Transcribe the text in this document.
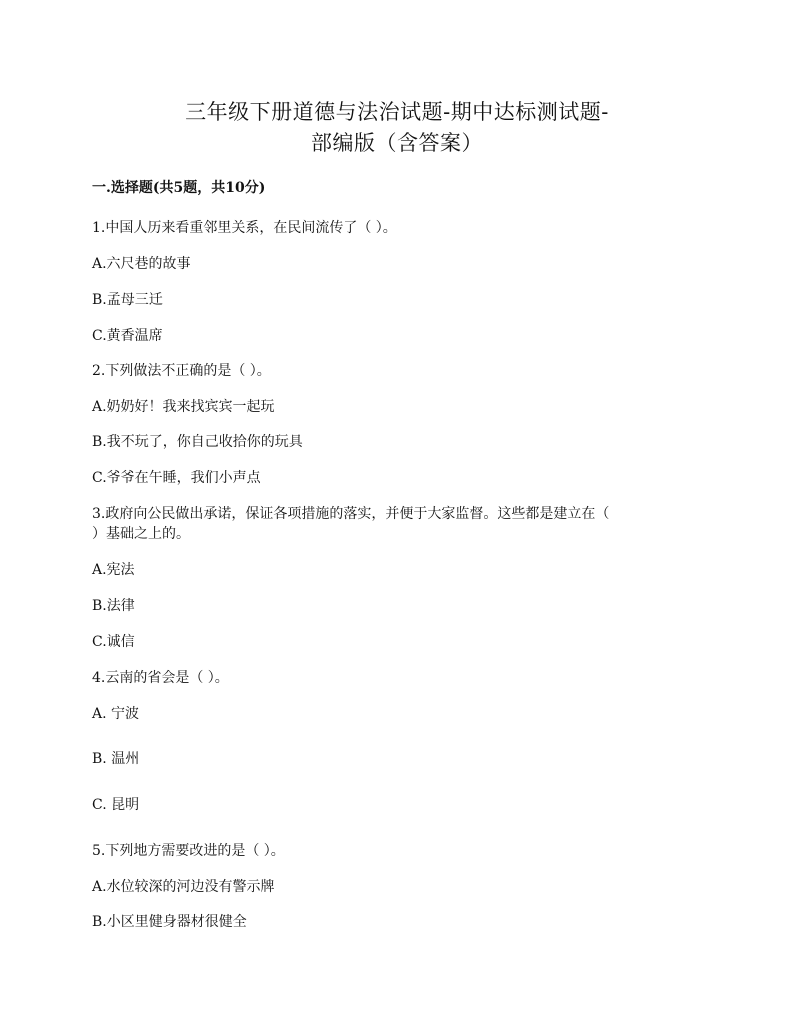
三年级下册道德与法治试题-期中达标测试题-
部编版（含答案）
一.选择题(共5题，共10分)
1.中国人历来看重邻里关系，在民间流传了（ ）。
A.六尺巷的故事
B.孟母三迁
C.黄香温席
2.下列做法不正确的是（ ）。
A.奶奶好！我来找宾宾一起玩
B.我不玩了，你自己收拾你的玩具
C.爷爷在午睡，我们小声点
3.政府向公民做出承诺，保证各项措施的落实，并便于大家监督。这些都是建立在（
）基础之上的。
A.宪法
B.法律
C.诚信
4.云南的省会是（ ）。
A. 宁波
B. 温州
C. 昆明
5.下列地方需要改进的是（ ）。
A.水位较深的河边没有警示牌
B.小区里健身器材很健全
